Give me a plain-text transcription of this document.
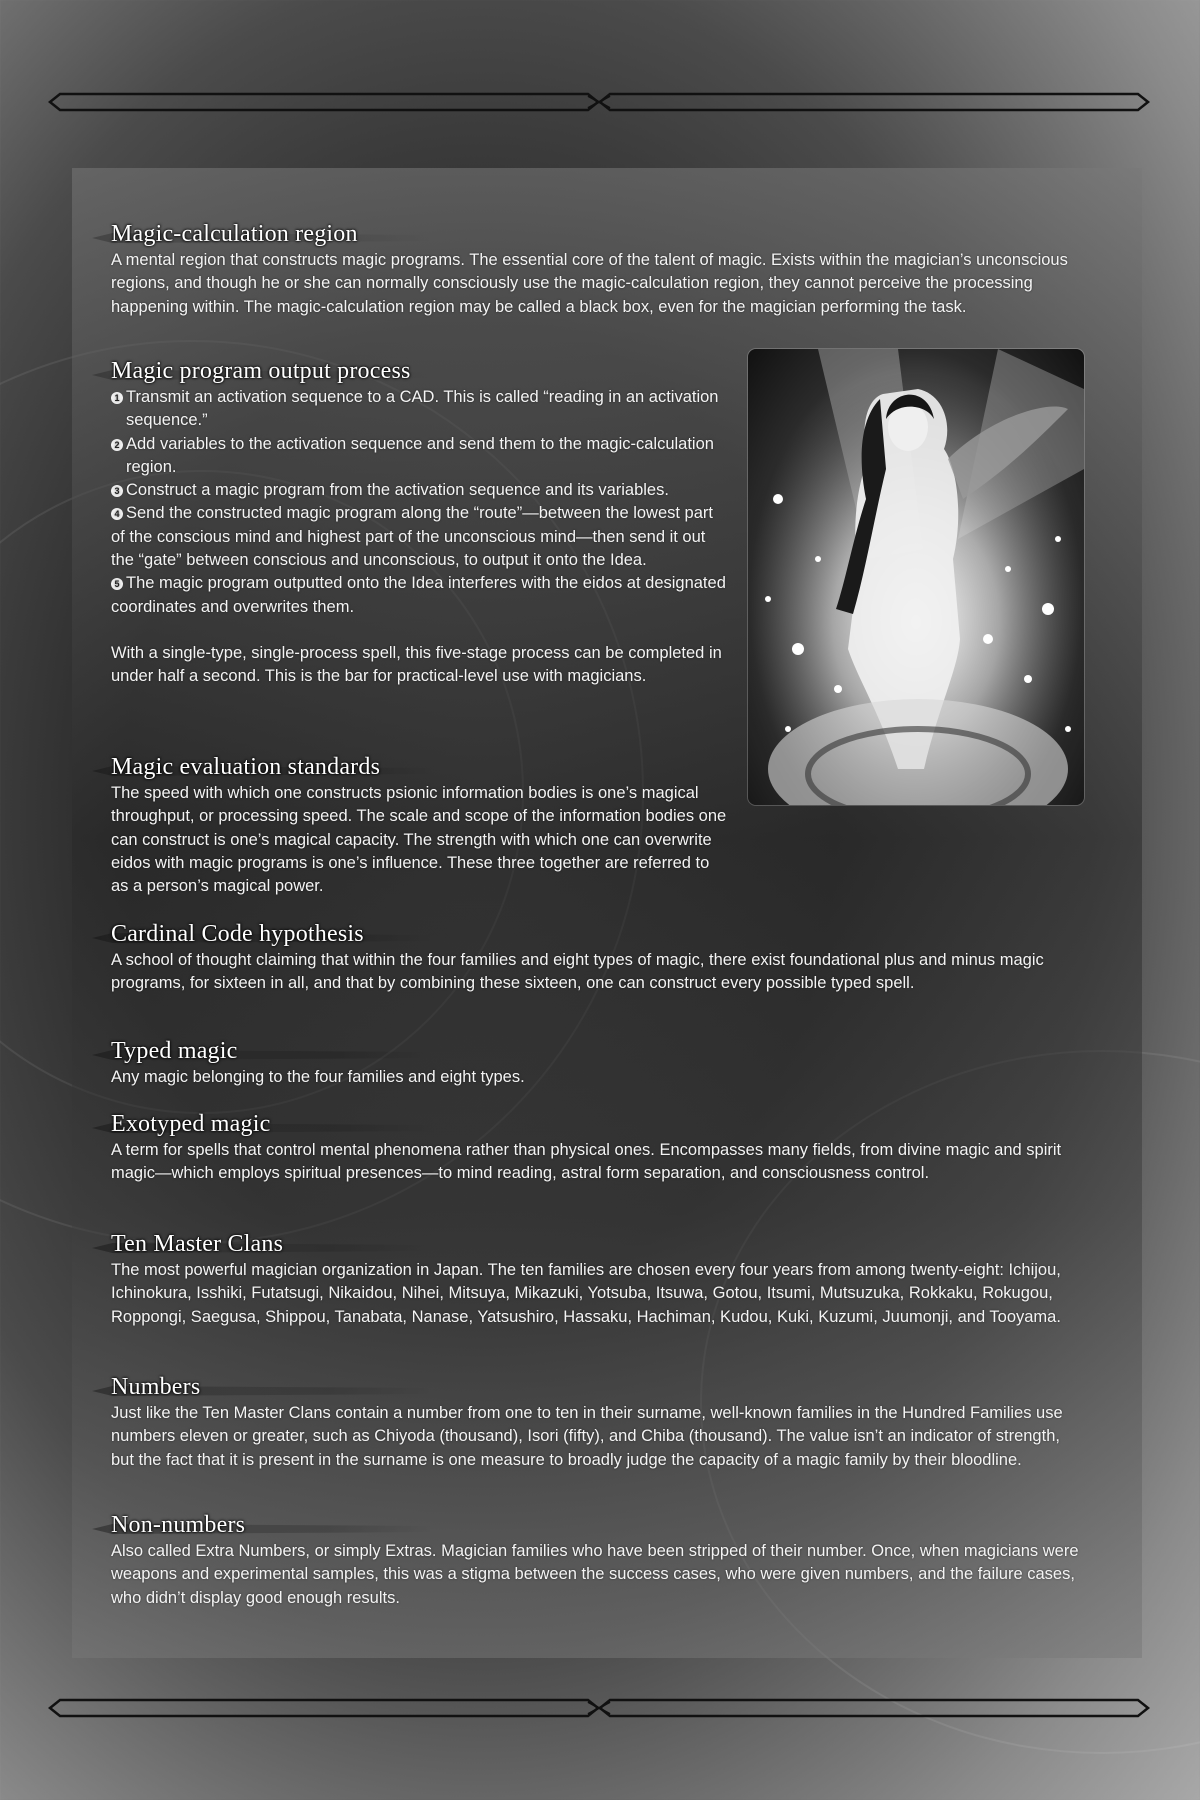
Magic-calculation region

A mental region that constructs magic programs. The essential core of the talent of magic. Exists within the magician’s unconscious regions, and though he or she can normally consciously use the magic-calculation region, they cannot perceive the processing happening within. The magic-calculation region may be called a black box, even for the magician performing the task.

Magic program output process
1 Transmit an activation sequence to a CAD. This is called “reading in an activation sequence.”
2 Add variables to the activation sequence and send them to the magic-calculation region.
3 Construct a magic program from the activation sequence and its variables.
4 Send the constructed magic program along the “route”—between the lowest part of the conscious mind and highest part of the unconscious mind—then send it out the “gate” between conscious and unconscious, to output it onto the Idea.
5 The magic program outputted onto the Idea interferes with the eidos at designated coordinates and overwrites them.
With a single-type, single-process spell, this five-stage process can be completed in under half a second. This is the bar for practical-level use with magicians.
Magic evaluation standards

The speed with which one constructs psionic information bodies is one’s magical throughput, or processing speed. The scale and scope of the information bodies one can construct is one’s magical capacity. The strength with which one can overwrite eidos with magic programs is one’s influence. These three together are referred to as a person’s magical power.

Cardinal Code hypothesis

A school of thought claiming that within the four families and eight types of magic, there exist foundational plus and minus magic programs, for sixteen in all, and that by combining these sixteen, one can construct every possible typed spell.

Typed magic

Any magic belonging to the four families and eight types.

Exotyped magic

A term for spells that control mental phenomena rather than physical ones. Encompasses many fields, from divine magic and spirit magic—which employs spiritual presences—to mind reading, astral form separation, and consciousness control.

Ten Master Clans

The most powerful magician organization in Japan. The ten families are chosen every four years from among twenty-eight: Ichijou, Ichinokura, Isshiki, Futatsugi, Nikaidou, Nihei, Mitsuya, Mikazuki, Yotsuba, Itsuwa, Gotou, Itsumi, Mutsuzuka, Rokkaku, Rokugou, Roppongi, Saegusa, Shippou, Tanabata, Nanase, Yatsushiro, Hassaku, Hachiman, Kudou, Kuki, Kuzumi, Juumonji, and Tooyama.

Numbers

Just like the Ten Master Clans contain a number from one to ten in their surname, well-known families in the Hundred Families use numbers eleven or greater, such as Chiyoda (thousand), Isori (fifty), and Chiba (thousand). The value isn’t an indicator of strength, but the fact that it is present in the surname is one measure to broadly judge the capacity of a magic family by their bloodline.

Non-numbers

Also called Extra Numbers, or simply Extras. Magician families who have been stripped of their number. Once, when magicians were weapons and experimental samples, this was a stigma between the success cases, who were given numbers, and the failure cases, who didn’t display good enough results.
